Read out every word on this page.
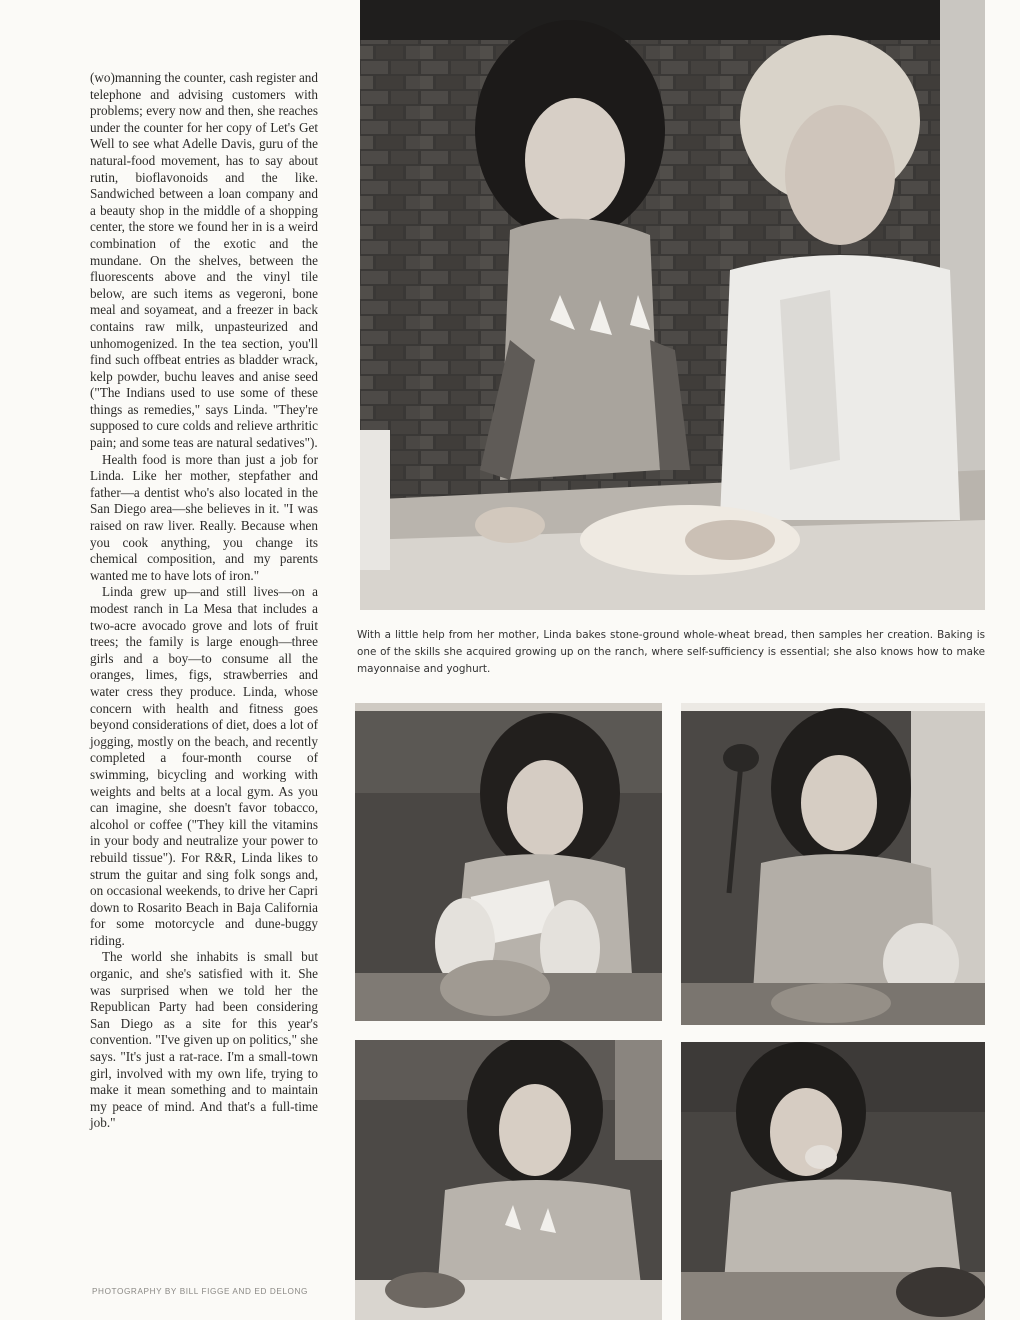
(wo)manning the counter, cash register and telephone and advising customers with problems; every now and then, she reaches under the counter for her copy of Let's Get Well to see what Adelle Davis, guru of the natural-food movement, has to say about rutin, bioflavonoids and the like. Sandwiched between a loan company and a beauty shop in the middle of a shopping center, the store we found her in is a weird combination of the exotic and the mundane. On the shelves, between the fluorescents above and the vinyl tile below, are such items as vegeroni, bone meal and soyameat, and a freezer in back contains raw milk, unpasteurized and unhomogenized. In the tea section, you'll find such offbeat entries as bladder wrack, kelp powder, buchu leaves and anise seed ("The Indians used to use some of these things as remedies," says Linda. "They're supposed to cure colds and relieve arthritic pain; and some teas are natural sedatives").

Health food is more than just a job for Linda. Like her mother, stepfather and father—a dentist who's also located in the San Diego area—she believes in it. "I was raised on raw liver. Really. Because when you cook anything, you change its chemical composition, and my parents wanted me to have lots of iron."

Linda grew up—and still lives—on a modest ranch in La Mesa that includes a two-acre avocado grove and lots of fruit trees; the family is large enough—three girls and a boy—to consume all the oranges, limes, figs, strawberries and water cress they produce. Linda, whose concern with health and fitness goes beyond considerations of diet, does a lot of jogging, mostly on the beach, and recently completed a four-month course of swimming, bicycling and working with weights and belts at a local gym. As you can imagine, she doesn't favor tobacco, alcohol or coffee ("They kill the vitamins in your body and neutralize your power to rebuild tissue"). For R&R, Linda likes to strum the guitar and sing folk songs and, on occasional weekends, to drive her Capri down to Rosarito Beach in Baja California for some motorcycle and dune-buggy riding.

The world she inhabits is small but organic, and she's satisfied with it. She was surprised when we told her the Republican Party had been considering San Diego as a site for this year's convention. "I've given up on politics," she says. "It's just a rat-race. I'm a small-town girl, involved with my own life, trying to make it mean something and to maintain my peace of mind. And that's a full-time job."

PHOTOGRAPHY BY BILL FIGGE AND ED DELONG
With a little help from her mother, Linda bakes stone-ground whole-wheat bread, then samples her creation. Baking is one of the skills she acquired growing up on the ranch, where self-sufficiency is essential; she also knows how to make mayonnaise and yoghurt.
